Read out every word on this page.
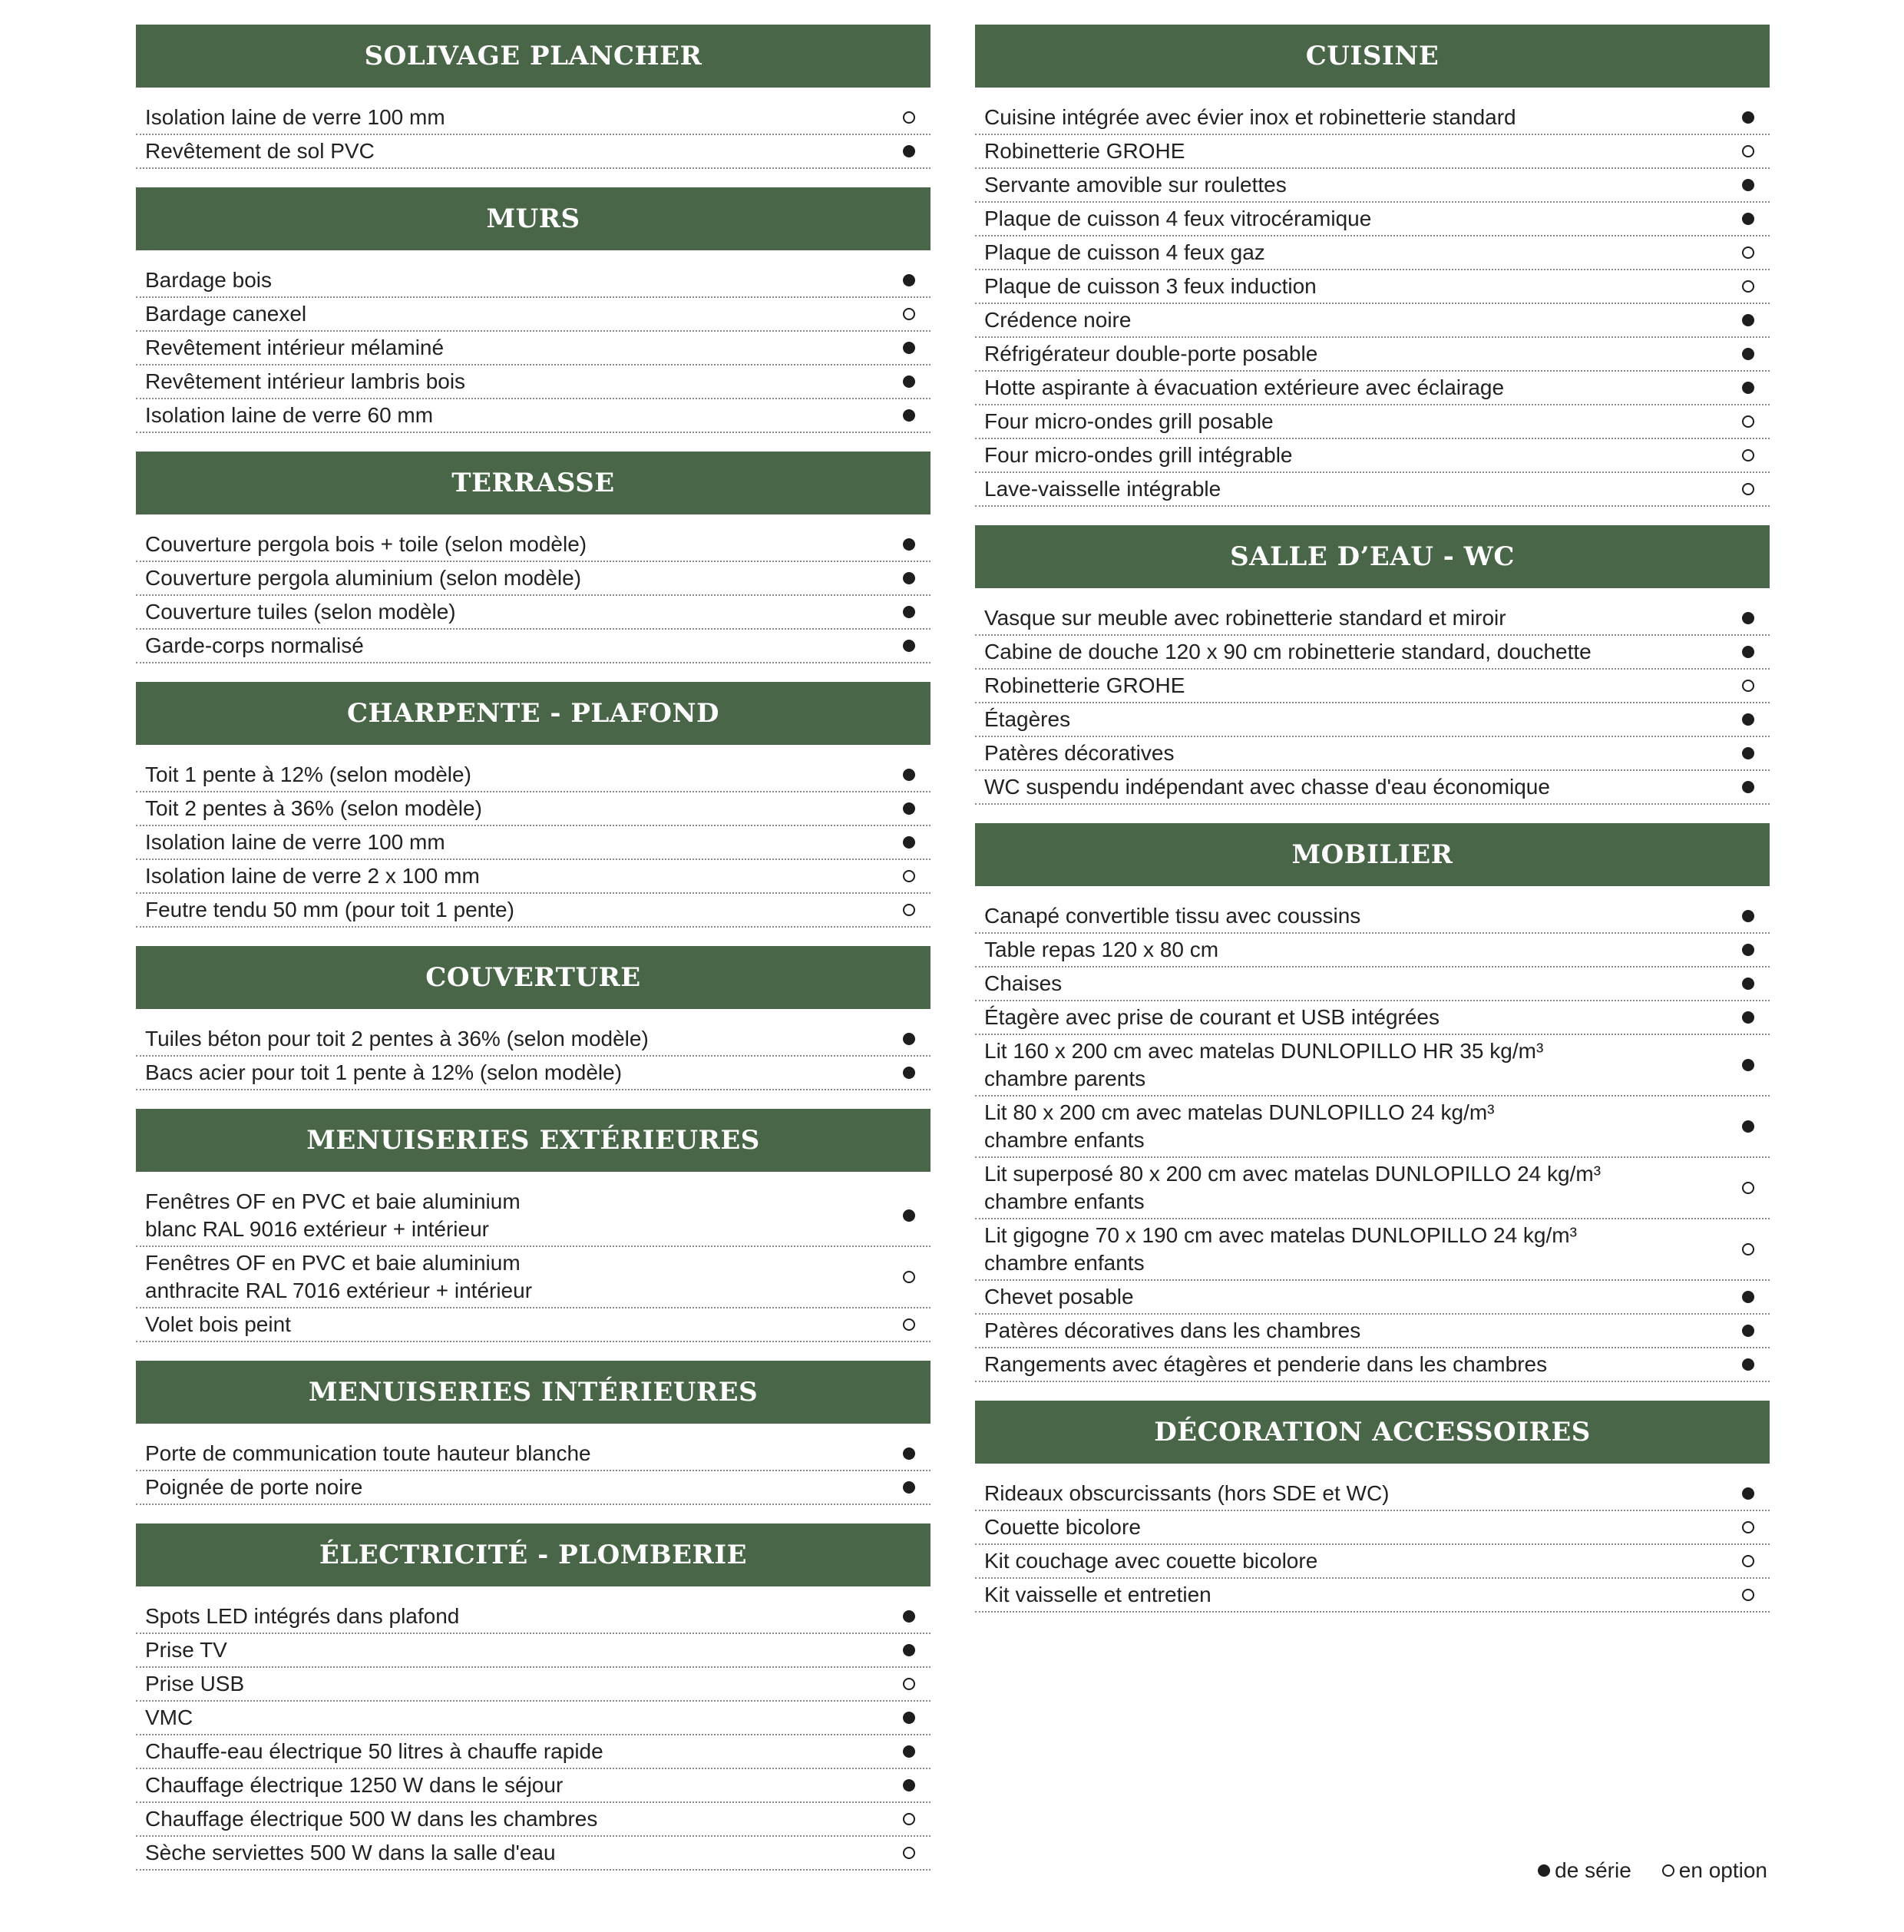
SOLIVAGE PLANCHER
Isolation laine de verre 100 mm
Revêtement de sol PVC
MURS
Bardage bois
Bardage canexel
Revêtement intérieur mélaminé
Revêtement intérieur lambris bois
Isolation laine de verre 60 mm
TERRASSE
Couverture pergola bois + toile (selon modèle)
Couverture pergola aluminium (selon modèle)
Couverture tuiles (selon modèle)
Garde-corps normalisé
CHARPENTE - PLAFOND
Toit 1 pente à 12% (selon modèle)
Toit 2 pentes à 36% (selon modèle)
Isolation laine de verre 100 mm
Isolation laine de verre 2 x 100 mm
Feutre tendu 50 mm (pour toit 1 pente)
COUVERTURE
Tuiles béton pour toit 2 pentes à 36% (selon modèle)
Bacs acier pour toit 1 pente à 12% (selon modèle)
MENUISERIES EXTÉRIEURES
Fenêtres OF en PVC et baie aluminium
blanc RAL 9016 extérieur + intérieur
Fenêtres OF en PVC et baie aluminium
anthracite RAL 7016 extérieur + intérieur
Volet bois peint
MENUISERIES INTÉRIEURES
Porte de communication toute hauteur blanche
Poignée de porte noire
ÉLECTRICITÉ - PLOMBERIE
Spots LED intégrés dans plafond
Prise TV
Prise USB
VMC
Chauffe-eau électrique 50 litres à chauffe rapide
Chauffage électrique 1250 W dans le séjour
Chauffage électrique 500 W dans les chambres
Sèche serviettes 500 W dans la salle d'eau
CUISINE
Cuisine intégrée avec évier inox et robinetterie standard
Robinetterie GROHE
Servante amovible sur roulettes
Plaque de cuisson 4 feux vitrocéramique
Plaque de cuisson 4 feux gaz
Plaque de cuisson 3 feux induction
Crédence noire
Réfrigérateur double-porte posable
Hotte aspirante à évacuation extérieure avec éclairage
Four micro-ondes grill posable
Four micro-ondes grill intégrable
Lave-vaisselle intégrable
SALLE D’EAU - WC
Vasque sur meuble avec robinetterie standard et miroir
Cabine de douche 120 x 90 cm robinetterie standard, douchette
Robinetterie GROHE
Étagères
Patères décoratives
WC suspendu indépendant avec chasse d'eau économique
MOBILIER
Canapé convertible tissu avec coussins
Table repas 120 x 80 cm
Chaises
Étagère avec prise de courant et USB intégrées
Lit 160 x 200 cm avec matelas DUNLOPILLO HR 35 kg/m³
chambre parents
Lit 80 x 200 cm avec matelas DUNLOPILLO 24 kg/m³
chambre enfants
Lit superposé 80 x 200 cm avec matelas DUNLOPILLO 24 kg/m³
chambre enfants
Lit gigogne 70 x 190 cm avec matelas DUNLOPILLO 24 kg/m³
chambre enfants
Chevet posable
Patères décoratives dans les chambres
Rangements avec étagères et penderie dans les chambres
DÉCORATION ACCESSOIRES
Rideaux obscurcissants (hors SDE et WC)
Couette bicolore
Kit couchage avec couette bicolore
Kit vaisselle et entretien
de série en option
